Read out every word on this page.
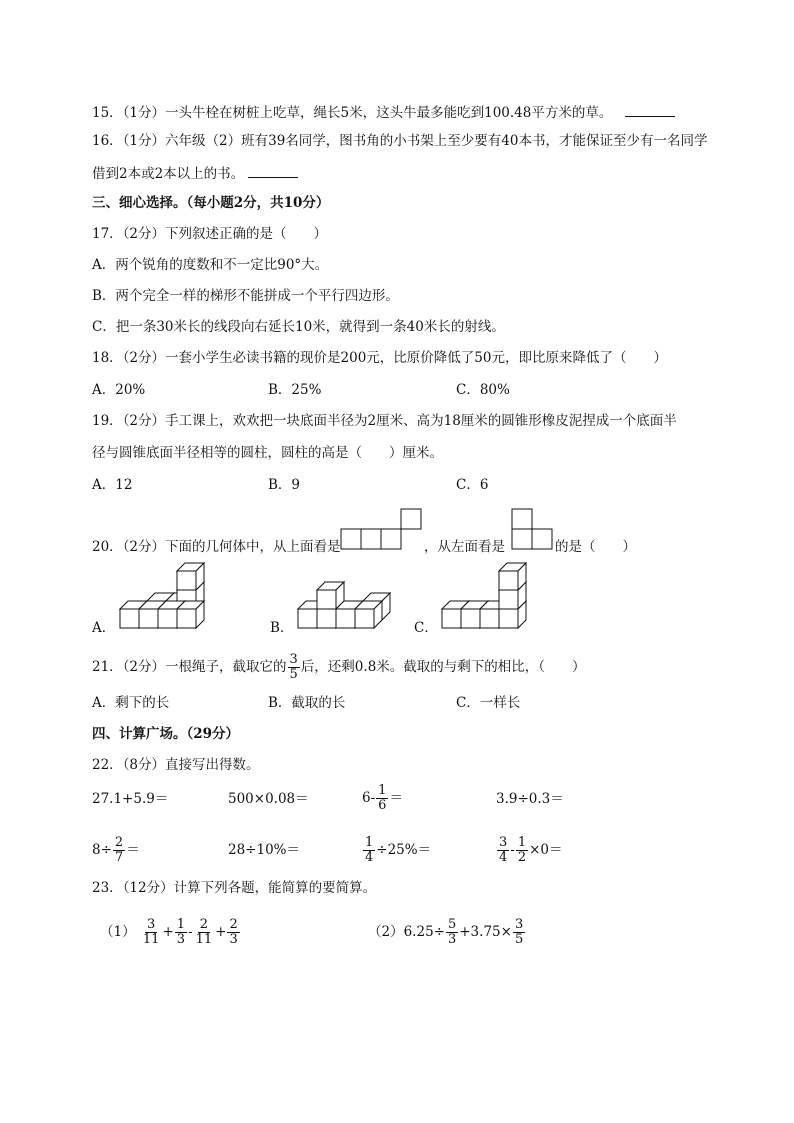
15．（1分）一头牛栓在树桩上吃草，绳长5米，这头牛最多能吃到100.48平方米的草。
16．（1分）六年级（2）班有39名同学，图书角的小书架上至少要有40本书，才能保证至少有一名同学
借到2本或2本以上的书。
三、细心选择。（每小题2分，共10分）
17．（2分）下列叙述正确的是（　　）
A．两个锐角的度数和不一定比90°大。
B．两个完全一样的梯形不能拼成一个平行四边形。
C．把一条30米长的线段向右延长10米，就得到一条40米长的射线。
18．（2分）一套小学生必读书籍的现价是200元，比原价降低了50元，即比原来降低了（　　）
A．20%	B．25%	C．80%
19．（2分）手工课上，欢欢把一块底面半径为2厘米、高为18厘米的圆锥形橡皮泥捏成一个底面半
径与圆锥底面半径相等的圆柱，圆柱的高是（　　）厘米。
A．12	B．9	C．6
20．（2分）下面的几何体中，从上面看是	，从左面看是	的是（　　）
A．	B．	C．
21．（2分）一根绳子，截取它的 $\frac{3}{5}$ 后，还剩0.8米。截取的与剩下的相比，（　　）
A．剩下的长	B．截取的长	C．一样长
四、计算广场。（29分）
22．（8分）直接写出得数。
27.1+5.9＝	500×0.08＝	$6- \frac{1}{6}$ ＝	3.9÷0.3＝
$8\div \frac{2}{7}$ ＝	28÷10%＝	$\frac{1}{4} \div 25\%=$	$\frac{3}{4} - \frac{1}{2} \times 0=$
23．（12分）计算下列各题，能简算的要简算。
$(1) \frac{3}{11} + \frac{1}{3} - \frac{2}{11} + \frac{2}{3}$	$(2)6.25\div \frac{5}{3} +3.75\times \frac{3}{5}$
